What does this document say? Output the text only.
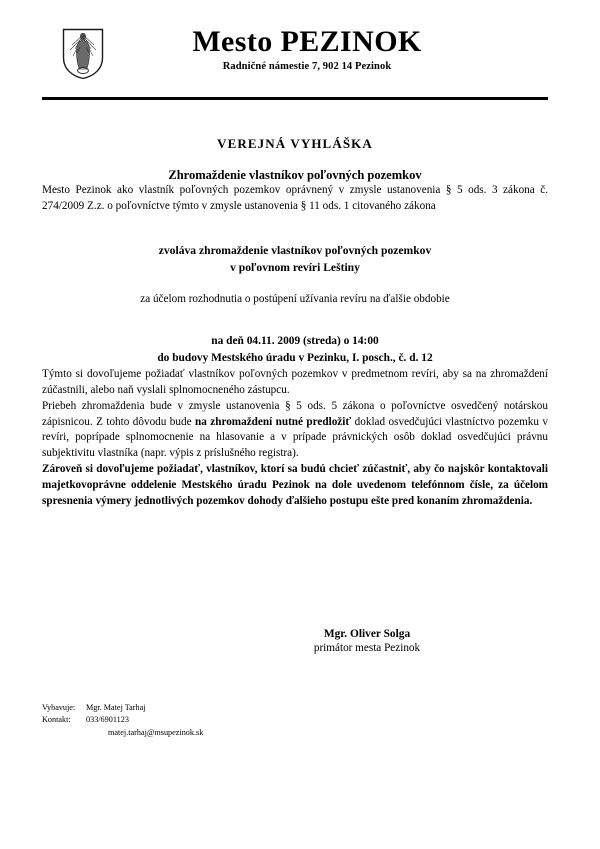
Mesto PEZINOK
Radničné námestie 7, 902 14 Pezinok
VEREJNÁ VYHLÁŠKA
Zhromaždenie vlastníkov poľovných pozemkov

Mesto Pezinok ako vlastník poľovných pozemkov oprávnený v zmysle ustanovenia § 5 ods. 3 zákona č. 274/2009 Z.z. o poľovníctve týmto v zmysle ustanovenia § 11 ods. 1 citovaného zákona

zvoláva zhromaždenie vlastníkov poľovných pozemkov
v poľovnom revíri Leštiny
za účelom rozhodnutia o postúpení užívania revíru na ďalšie obdobie
na deň 04.11. 2009 (streda) o 14:00
do budovy Mestského úradu v Pezinku, I. posch., č. d. 12

Týmto si dovoľujeme požiadať vlastníkov poľovných pozemkov v predmetnom revíri, aby sa na zhromaždení zúčastnili, alebo naň vyslali splnomocneného zástupcu.

Priebeh zhromaždenia bude v zmysle ustanovenia § 5 ods. 5 zákona o poľovníctve osvedčený notárskou zápisnicou. Z tohto dôvodu bude na zhromaždení nutné predložiť doklad osvedčujúci vlastníctvo pozemku v revíri, poprípade splnomocnenie na hlasovanie a v prípade právnických osôb doklad osvedčujúci právnu subjektivitu vlastníka (napr. výpis z príslušného registra).

Zároveň si dovoľujeme požiadať, vlastníkov, ktorí sa budú chcieť zúčastniť, aby čo najskôr kontaktovali majetkovoprávne oddelenie Mestského úradu Pezinok na dole uvedenom telefónnom čísle, za účelom spresnenia výmery jednotlivých pozemkov dohody ďalšieho postupu ešte pred konaním zhromaždenia.

Mgr. Oliver Solga
primátor mesta Pezinok
Vybavuje: Mgr. Matej Tarhaj
Kontakt: 033/6901123
matej.tarhaj@msupezinok.sk
